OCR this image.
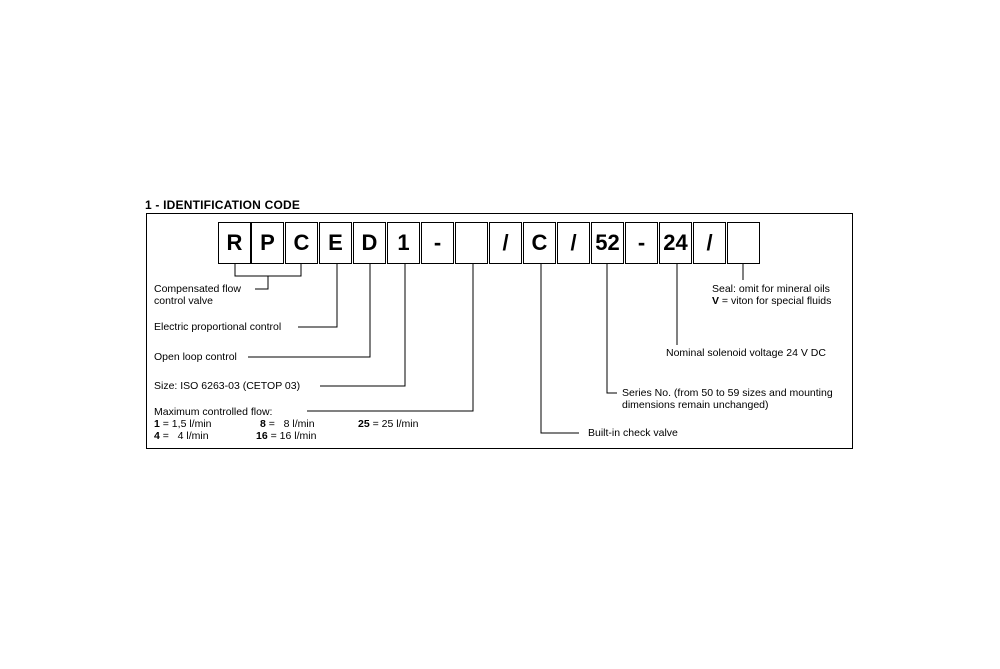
1 - IDENTIFICATION CODE
R P C E D 1	-	/	C	/ 52 - 24 /
Compensated flow
control valve
Electric proportional control
Open loop control
Size: ISO 6263-03 (CETOP 03)
Maximum controlled flow:
1 = 1,5 l/min	8 =   8 l/min	25 = 25 l/min
4 =   4 l/min	16 = 16 l/min	Built-in check valve
Series No. (from 50 to 59 sizes and mounting
dimensions remain unchanged)
Nominal solenoid voltage 24 V DC
Seal: omit for mineral oils
V = viton for special fluids
